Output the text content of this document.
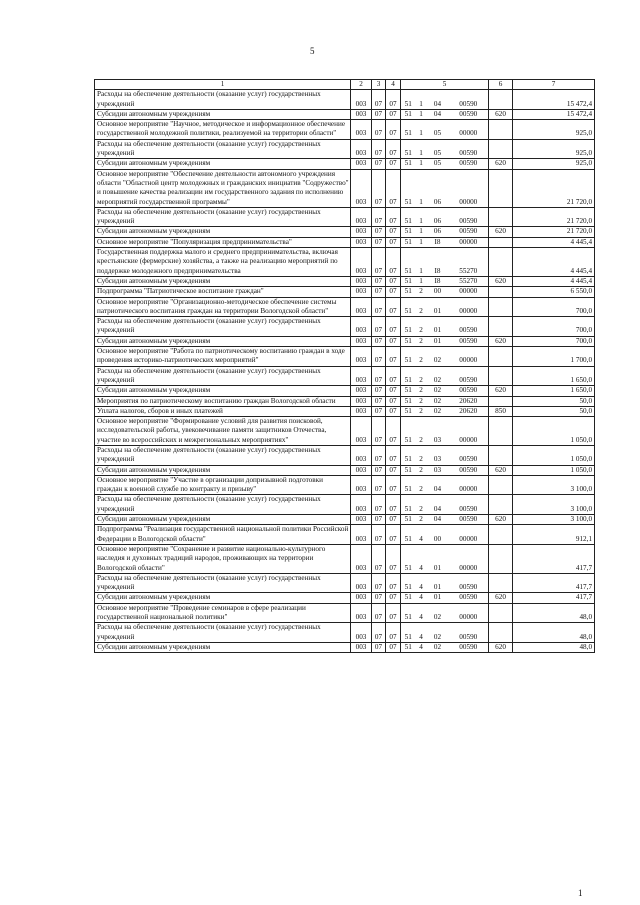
5
1	2	3	4	5				6	7
Расходы на обеспечение деятельности (оказание услуг) государственных учреждений	003	07	07	51	1	04	00590		15 472,4
Субсидии автономным учреждениям	003	07	07	51	1	04	00590	620	15 472,4
Основное мероприятие "Научное, методическое и информационное обеспечение государственной молодежной политики, реализуемой на территории области"	003	07	07	51	1	05	00000		925,0
Расходы на обеспечение деятельности (оказание услуг) государственных учреждений	003	07	07	51	1	05	00590		925,0
Субсидии автономным учреждениям	003	07	07	51	1	05	00590	620	925,0
Основное мероприятие "Обеспечение деятельности автономного учреждения области "Областной центр молодежных и гражданских инициатив "Содружество" и повышение качества реализации им государственного задания по исполнению мероприятий государственной программы"	003	07	07	51	1	06	00000		21 720,0
Расходы на обеспечение деятельности (оказание услуг) государственных учреждений	003	07	07	51	1	06	00590		21 720,0
Субсидии автономным учреждениям	003	07	07	51	1	06	00590	620	21 720,0
Основное мероприятие "Популяризация предпринимательства"	003	07	07	51	1	I8	00000		4 445,4
Государственная поддержка малого и среднего предпринимательства, включая крестьянские (фермерские) хозяйства, а также на реализацию мероприятий по поддержке молодежного предпринимательства	003	07	07	51	1	I8	55270		4 445,4
Субсидии автономным учреждениям	003	07	07	51	1	I8	55270	620	4 445,4
Подпрограмма "Патриотическое воспитание граждан"	003	07	07	51	2	00	00000		6 550,0
Основное мероприятие "Организационно-методическое обеспечение системы патриотического воспитания граждан на территории Вологодской области"	003	07	07	51	2	01	00000		700,0
Расходы на обеспечение деятельности (оказание услуг) государственных учреждений	003	07	07	51	2	01	00590		700,0
Субсидии автономным учреждениям	003	07	07	51	2	01	00590	620	700,0
Основное мероприятие "Работа по патриотическому воспитанию граждан в ходе проведения историко-патриотических мероприятий"	003	07	07	51	2	02	00000		1 700,0
Расходы на обеспечение деятельности (оказание услуг) государственных учреждений	003	07	07	51	2	02	00590		1 650,0
Субсидии автономным учреждениям	003	07	07	51	2	02	00590	620	1 650,0
Мероприятия по патриотическому воспитанию граждан Вологодской области	003	07	07	51	2	02	20620		50,0
Уплата налогов, сборов и иных платежей	003	07	07	51	2	02	20620	850	50,0
Основное мероприятие "Формирование условий для развития поисковой, исследовательской работы, увековечивание памяти защитников Отечества, участие во всероссийских и межрегиональных мероприятиях"	003	07	07	51	2	03	00000		1 050,0
Расходы на обеспечение деятельности (оказание услуг) государственных учреждений	003	07	07	51	2	03	00590		1 050,0
Субсидии автономным учреждениям	003	07	07	51	2	03	00590	620	1 050,0
Основное мероприятие "Участие в организации допризывной подготовки граждан к военной службе по контракту и призыву"	003	07	07	51	2	04	00000		3 100,0
Расходы на обеспечение деятельности (оказание услуг) государственных учреждений	003	07	07	51	2	04	00590		3 100,0
Субсидии автономным учреждениям	003	07	07	51	2	04	00590	620	3 100,0
Подпрограмма "Реализация государственной национальной политики Российской Федерации в Вологодской области"	003	07	07	51	4	00	00000		912,1
Основное мероприятие "Сохранение и развитие национально-культурного наследия и духовных традиций народов, проживающих на территории Вологодской области"	003	07	07	51	4	01	00000		417,7
Расходы на обеспечение деятельности (оказание услуг) государственных учреждений	003	07	07	51	4	01	00590		417,7
Субсидии автономным учреждениям	003	07	07	51	4	01	00590	620	417,7
Основное мероприятие "Проведение семинаров в сфере реализации государственной национальной политики"	003	07	07	51	4	02	00000		48,0
Расходы на обеспечение деятельности (оказание услуг) государственных учреждений	003	07	07	51	4	02	00590		48,0
Субсидии автономным учреждениям	003	07	07	51	4	02	00590	620	48,0
1
